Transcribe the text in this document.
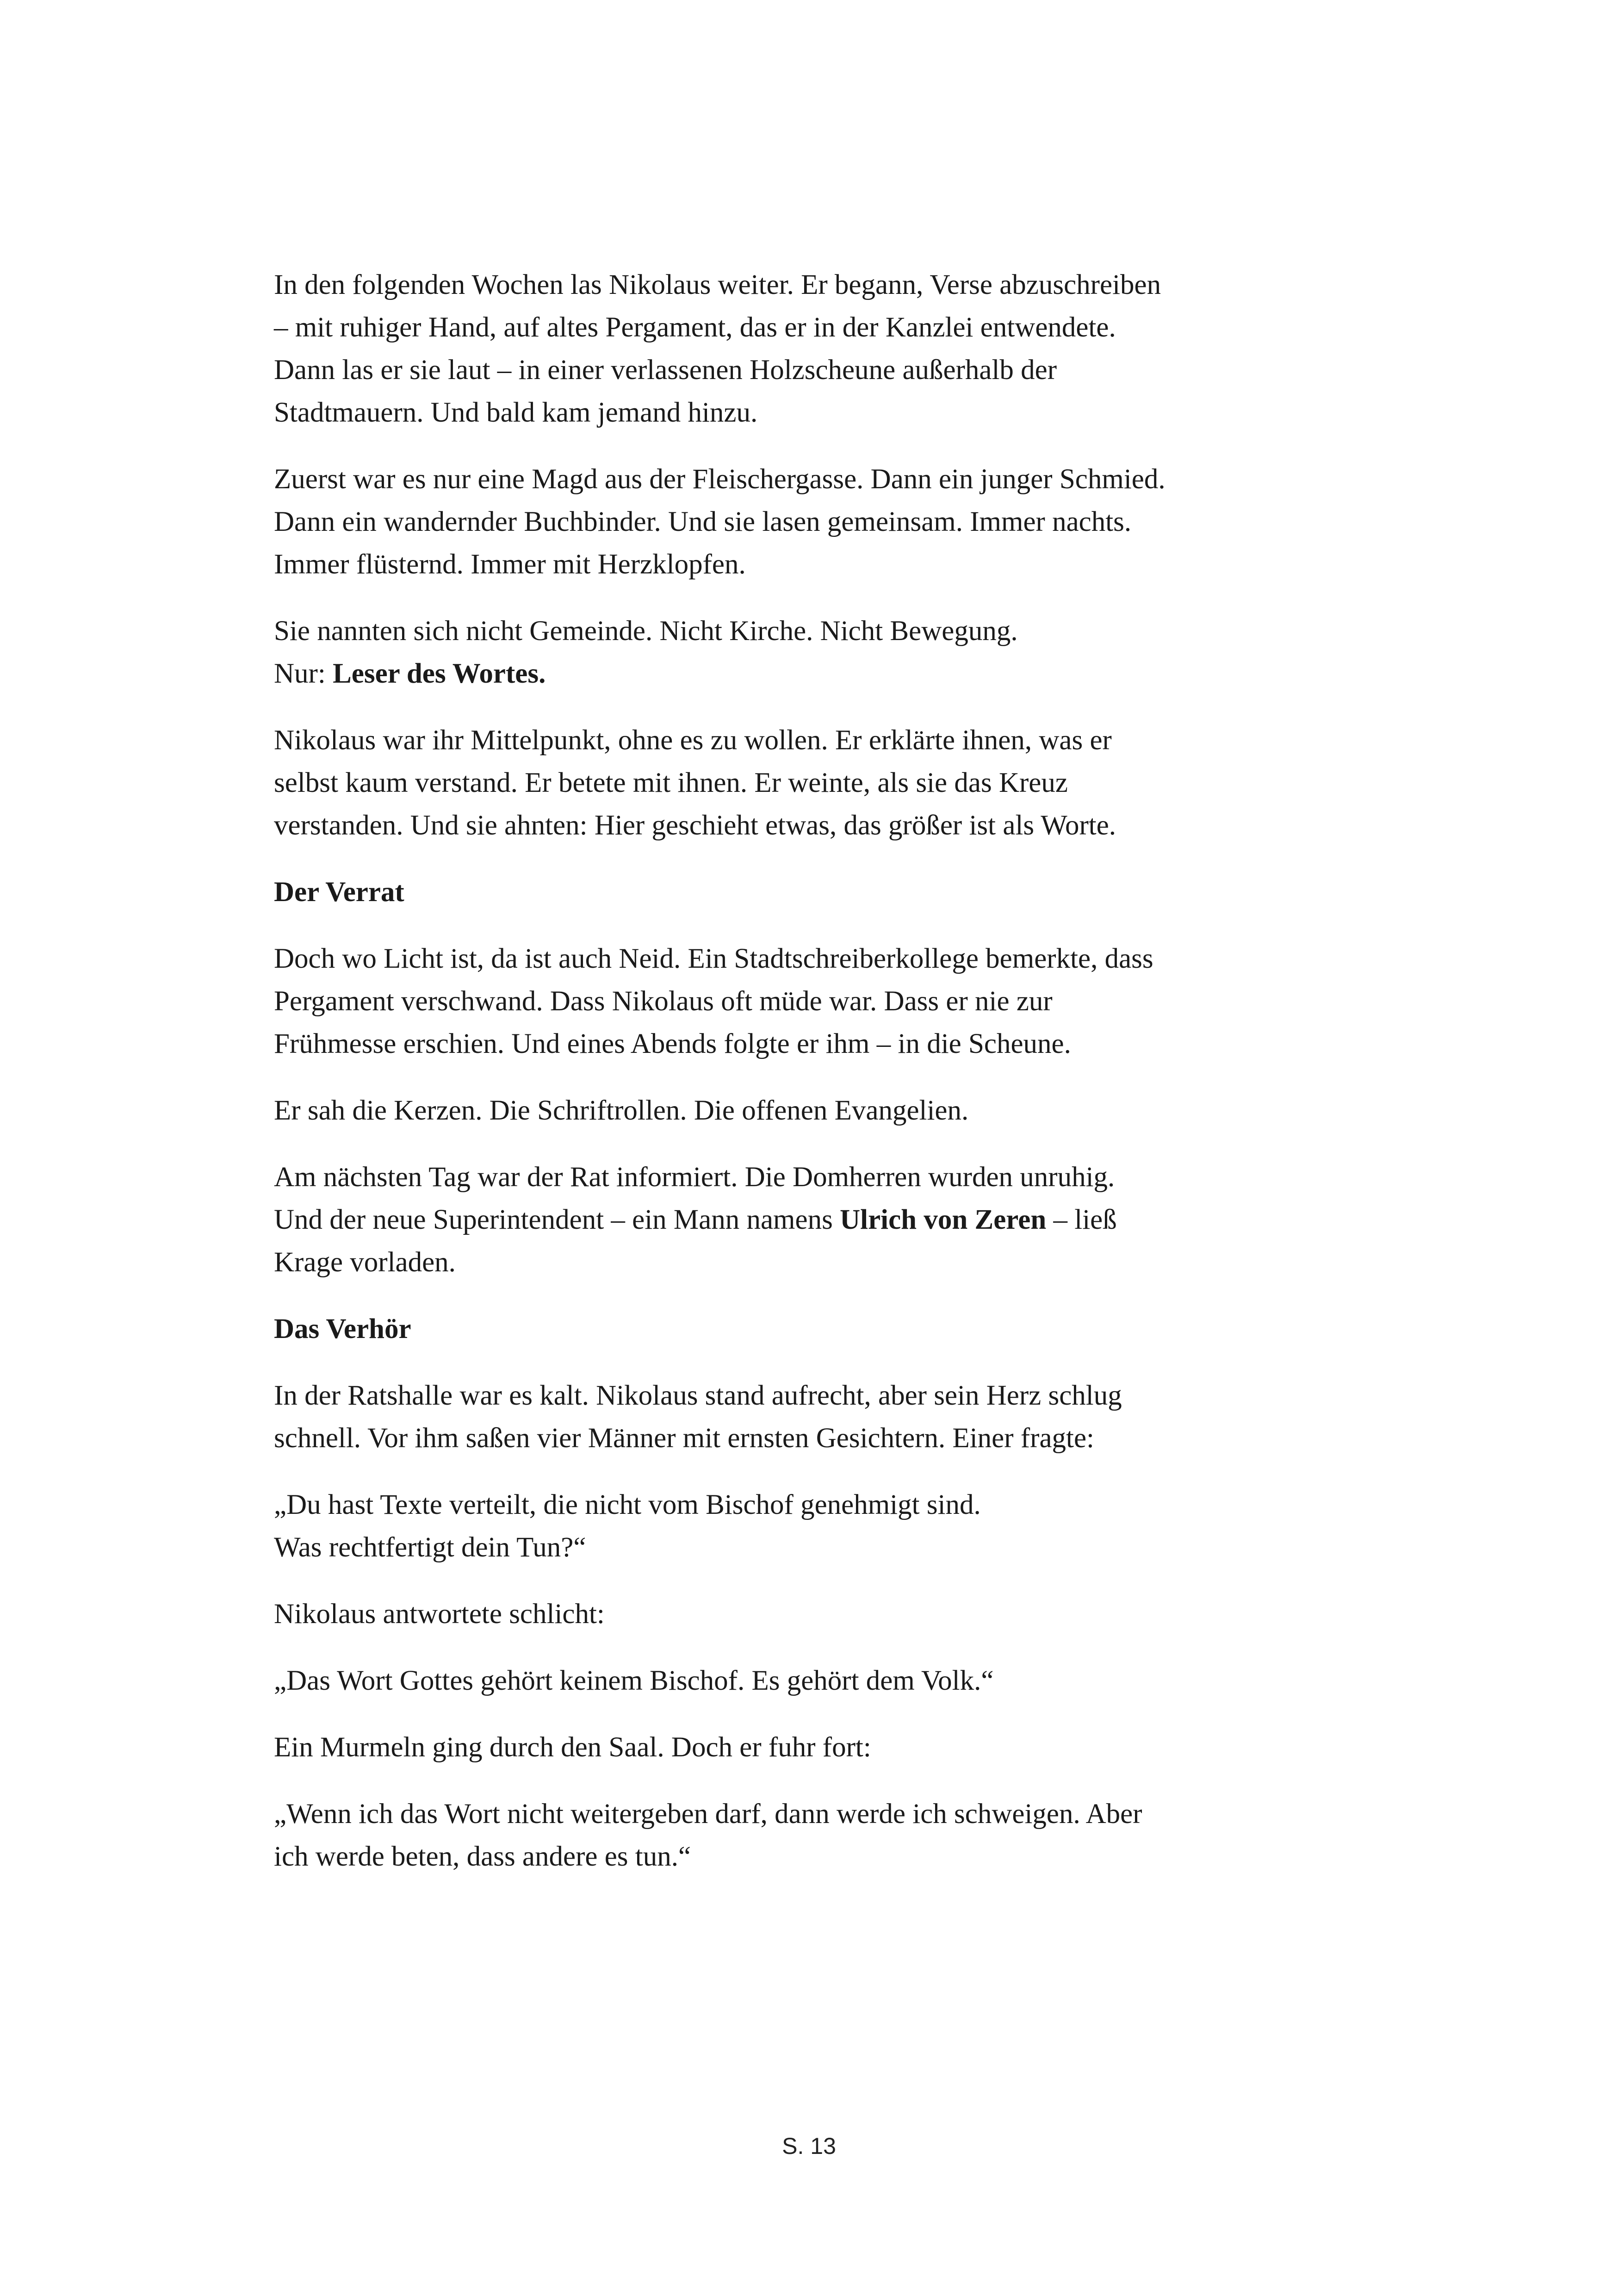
In den folgenden Wochen las Nikolaus weiter. Er begann, Verse abzuschreiben
– mit ruhiger Hand, auf altes Pergament, das er in der Kanzlei entwendete.
Dann las er sie laut – in einer verlassenen Holzscheune außerhalb der
Stadtmauern. Und bald kam jemand hinzu.

Zuerst war es nur eine Magd aus der Fleischergasse. Dann ein junger Schmied.
Dann ein wandernder Buchbinder. Und sie lasen gemeinsam. Immer nachts.
Immer flüsternd. Immer mit Herzklopfen.

Sie nannten sich nicht Gemeinde. Nicht Kirche. Nicht Bewegung.
Nur: Leser des Wortes.

Nikolaus war ihr Mittelpunkt, ohne es zu wollen. Er erklärte ihnen, was er
selbst kaum verstand. Er betete mit ihnen. Er weinte, als sie das Kreuz
verstanden. Und sie ahnten: Hier geschieht etwas, das größer ist als Worte.

Der Verrat

Doch wo Licht ist, da ist auch Neid. Ein Stadtschreiberkollege bemerkte, dass
Pergament verschwand. Dass Nikolaus oft müde war. Dass er nie zur
Frühmesse erschien. Und eines Abends folgte er ihm – in die Scheune.

Er sah die Kerzen. Die Schriftrollen. Die offenen Evangelien.

Am nächsten Tag war der Rat informiert. Die Domherren wurden unruhig.
Und der neue Superintendent – ein Mann namens Ulrich von Zeren – ließ
Krage vorladen.

Das Verhör

In der Ratshalle war es kalt. Nikolaus stand aufrecht, aber sein Herz schlug
schnell. Vor ihm saßen vier Männer mit ernsten Gesichtern. Einer fragte:

„Du hast Texte verteilt, die nicht vom Bischof genehmigt sind.
Was rechtfertigt dein Tun?“

Nikolaus antwortete schlicht:

„Das Wort Gottes gehört keinem Bischof. Es gehört dem Volk.“

Ein Murmeln ging durch den Saal. Doch er fuhr fort:

„Wenn ich das Wort nicht weitergeben darf, dann werde ich schweigen. Aber
ich werde beten, dass andere es tun.“

S. 13
